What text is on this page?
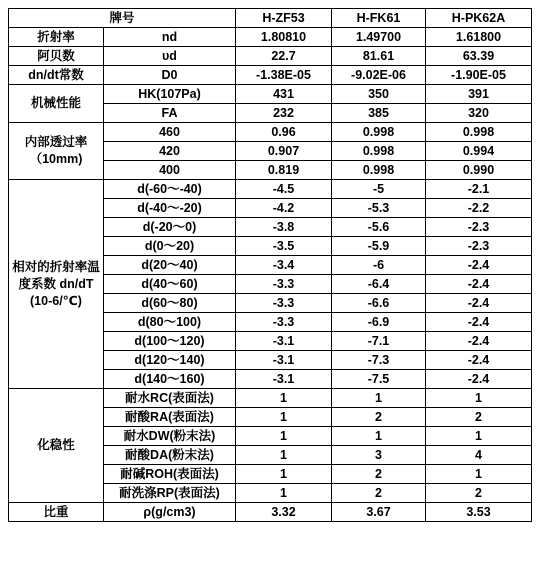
牌号		H-ZF53	H-FK61	H-PK62A
折射率	nd	1.80810	1.49700	1.61800
阿贝数	υd	22.7	81.61	63.39
dn/dt常数	D0	-1.38E-05	-9.02E-06	-1.90E-05
机械性能	HK(107Pa)	431	350	391
	FA	232	385	320
内部透过率（10mm)	460	0.96	0.998	0.998
	420	0.907	0.998	0.994
	400	0.819	0.998	0.990
相对的折射率温度系数 dn/dT (10-6/℃)	d(-60～-40)	-4.5	-5	-2.1
	d(-40～-20)	-4.2	-5.3	-2.2
	d(-20～0)	-3.8	-5.6	-2.3
	d(0～20)	-3.5	-5.9	-2.3
	d(20～40)	-3.4	-6	-2.4
	d(40～60)	-3.3	-6.4	-2.4
	d(60～80)	-3.3	-6.6	-2.4
	d(80～100)	-3.3	-6.9	-2.4
	d(100～120)	-3.1	-7.1	-2.4
	d(120～140)	-3.1	-7.3	-2.4
	d(140～160)	-3.1	-7.5	-2.4
化稳性	耐水RC(表面法)	1	1	1
	耐酸RA(表面法)	1	2	2
	耐水DW(粉末法)	1	1	1
	耐酸DA(粉末法)	1	3	4
	耐碱ROH(表面法)	1	2	1
	耐洗涤RP(表面法)	1	2	2
比重	ρ(g/cm3)	3.32	3.67	3.53
